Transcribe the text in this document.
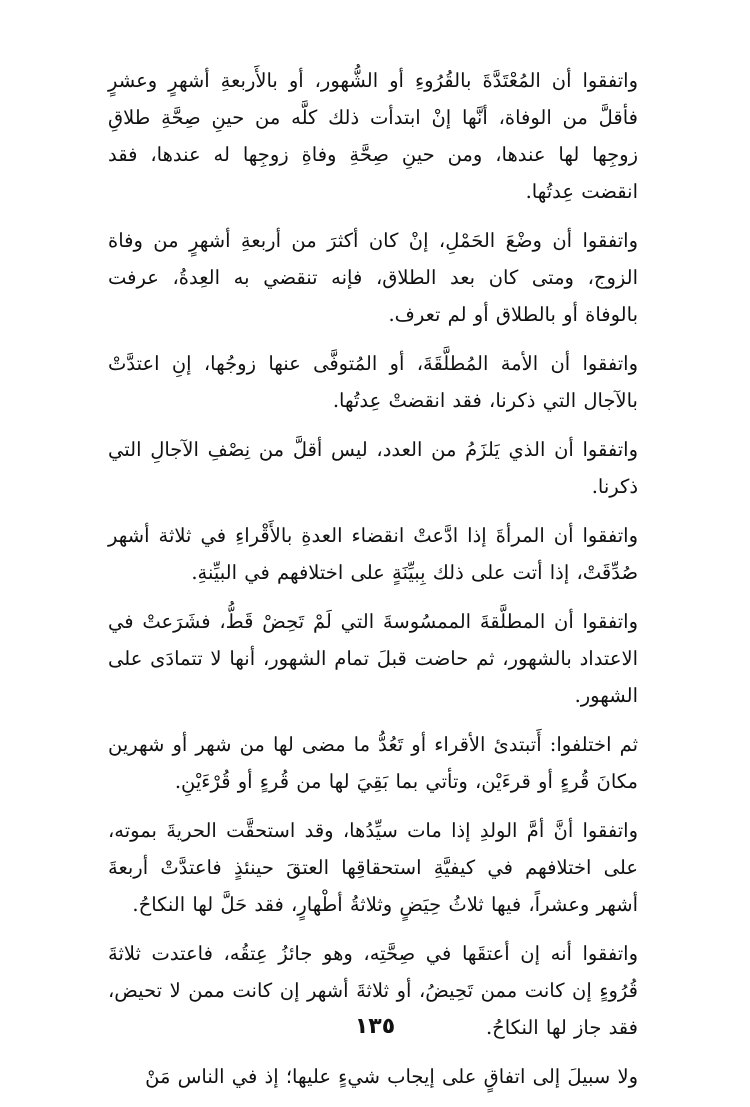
واتفقوا أن المُعْتَدَّةَ بالقُرُوءِ أو الشُّهور، أو بالأَربعةِ أشهرٍ وعشرٍ فأقلَّ من الوفاة، أنَّها إنْ ابتدأت ذلك كلَّه من حينِ صِحَّةِ طلاقِ زوجِها لها عندها، ومن حينِ صِحَّةِ وفاةِ زوجِها له عندها، فقد انقضت عِدتُها.

واتفقوا أن وضْعَ الحَمْلِ، إنْ كان أكثرَ من أربعةِ أشهرٍ من وفاة الزوج، ومتى كان بعد الطلاق، فإنه تنقضي به العِدةُ، عرفت بالوفاة أو بالطلاق أو لم تعرف.

واتفقوا أن الأمة المُطلَّقَةَ، أو المُتوفَّى عنها زوجُها، إنِ اعتدَّتْ بالآجال التي ذكرنا، فقد انقضتْ عِدتُها.

واتفقوا أن الذي يَلزَمُ من العدد، ليس أقلَّ من نِصْفِ الآجالِ التي ذكرنا.

واتفقوا أن المرأةَ إذا ادَّعتْ انقضاء العدةِ بالأَقْراءِ في ثلاثة أشهر صُدِّقَتْ، إذا أتت على ذلك بِبيِّنَةٍ على اختلافهم في البيِّنةِ.

واتفقوا أن المطلَّقةَ الممسُوسةَ التي لَمْ تَحِضْ قَطُّ، فشَرَعتْ في الاعتداد بالشهور، ثم حاضت قبلَ تمام الشهور، أنها لا تتمادَى على الشهور.

ثم اختلفوا: أَتبتدئ الأقراء أو تَعُدُّ ما مضى لها من شهر أو شهرين مكانَ قُرءٍ أو قرءَيْن، وتأتي بما بَقِيَ لها من قُرءٍ أو قُرْءَيْنِ.

واتفقوا أنَّ أمَّ الولدِ إذا مات سيِّدُها، وقد استحقَّت الحريةَ بموته، على اختلافهم في كيفيَّةِ استحقاقِها العتقَ حينئذٍ فاعتدَّتْ أربعةَ أشهر وعشراً، فيها ثلاثُ حِيَضٍ وثلاثةُ أطْهارٍ، فقد حَلَّ لها النكاحُ.

واتفقوا أنه إن أعتقَها في صِحَّتِه، وهو جائزُ عِتقُه، فاعتدت ثلاثةَ قُرُوءٍ إن كانت ممن تَحِيضُ، أو ثلاثةَ أشهر إن كانت ممن لا تحيض، فقد جاز لها النكاحُ.

ولا سبيلَ إلى اتفاقٍ على إيجاب شيءٍ عليها؛ إذ في الناس مَنْ

١٣٥
